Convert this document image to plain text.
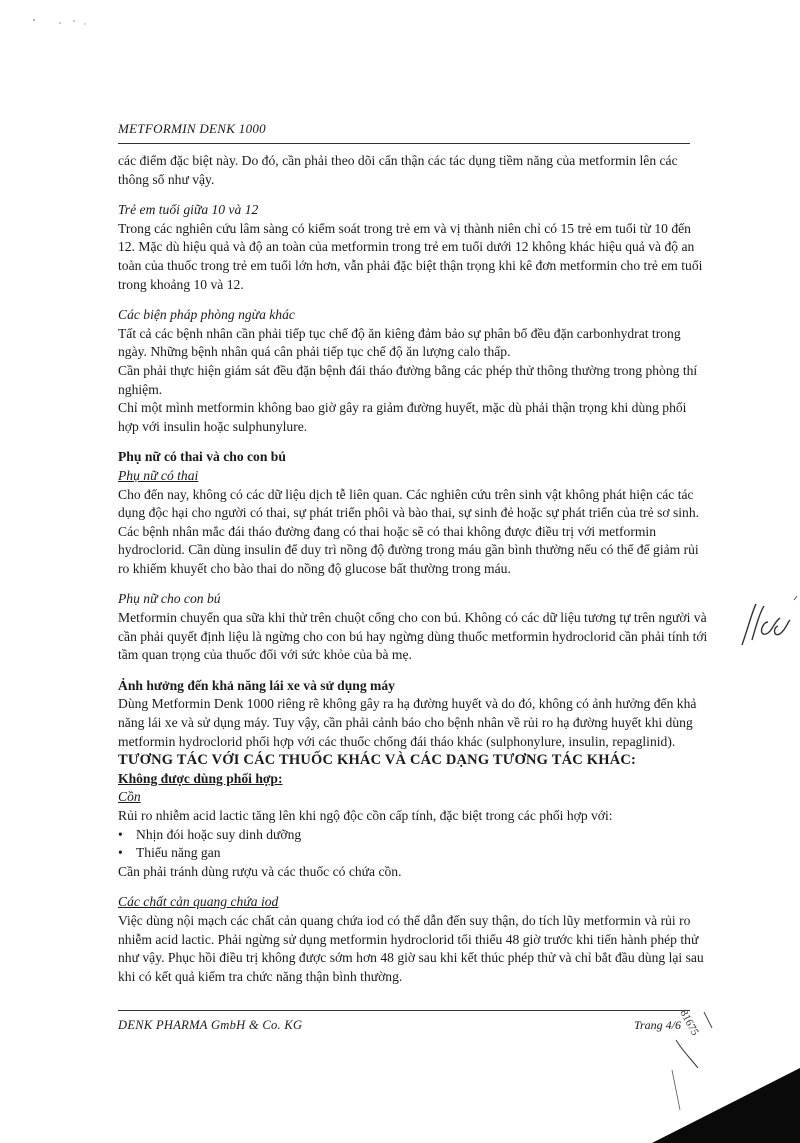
METFORMIN DENK 1000

các điểm đặc biệt này. Do đó, cần phải theo dõi cẩn thận các tác dụng tiềm năng của metformin lên các thông số như vậy.

Trẻ em tuổi giữa 10 và 12

Trong các nghiên cứu lâm sàng có kiểm soát trong trẻ em và vị thành niên chỉ có 15 trẻ em tuổi từ 10 đến 12. Mặc dù hiệu quả và độ an toàn của metformin trong trẻ em tuổi dưới 12 không khác hiệu quả và độ an toàn của thuốc trong trẻ em tuổi lớn hơn, vẫn phải đặc biệt thận trọng khi kê đơn metformin cho trẻ em tuổi trong khoảng 10 và 12.

Các biện pháp phòng ngừa khác

Tất cả các bệnh nhân cần phải tiếp tục chế độ ăn kiêng đảm bảo sự phân bố đều đặn carbonhydrat trong ngày. Những bệnh nhân quá cân phải tiếp tục chế độ ăn lượng calo thấp.

Cần phải thực hiện giám sát đều đặn bệnh đái tháo đường bằng các phép thử thông thường trong phòng thí nghiệm.

Chỉ một mình metformin không bao giờ gây ra giảm đường huyết, mặc dù phải thận trọng khi dùng phối hợp với insulin hoặc sulphunylure.

Phụ nữ có thai và cho con bú

Phụ nữ có thai

Cho đến nay, không có các dữ liệu dịch tễ liên quan. Các nghiên cứu trên sinh vật không phát hiện các tác dụng độc hại cho người có thai, sự phát triển phôi và bào thai, sự sinh đẻ hoặc sự phát triển của trẻ sơ sinh.

Các bệnh nhân mắc đái tháo đường đang có thai hoặc sẽ có thai không được điều trị với metformin hydroclorid. Cần dùng insulin để duy trì nồng độ đường trong máu gần bình thường nếu có thể để giảm rủi ro khiếm khuyết cho bào thai do nồng độ glucose bất thường trong máu.

Phụ nữ cho con bú

Metformin chuyển qua sữa khi thử trên chuột cống cho con bú. Không có các dữ liệu tương tự trên người và cần phải quyết định liệu là ngừng cho con bú hay ngừng dùng thuốc metformin hydroclorid cần phải tính tới tầm quan trọng của thuốc đối với sức khỏe của bà mẹ.

Ảnh hưởng đến khả năng lái xe và sử dụng máy

Dùng Metformin Denk 1000 riêng rẽ không gây ra hạ đường huyết và do đó, không có ảnh hưởng đến khả năng lái xe và sử dụng máy. Tuy vậy, cần phải cảnh báo cho bệnh nhân về rủi ro hạ đường huyết khi dùng metformin hydroclorid phối hợp với các thuốc chống đái tháo khác (sulphonylure, insulin, repaglinid).

TƯƠNG TÁC VỚI CÁC THUỐC KHÁC VÀ CÁC DẠNG TƯƠNG TÁC KHÁC:

Không được dùng phối hợp:

Cồn

Rủi ro nhiễm acid lactic tăng lên khi ngộ độc cồn cấp tính, đặc biệt trong các phối hợp với:

• Nhịn đói hoặc suy dinh dưỡng
• Thiểu năng gan

Cần phải tránh dùng rượu và các thuốc có chứa cồn.

Các chất cản quang chứa iod

Việc dùng nội mạch các chất cản quang chứa iod có thể dẫn đến suy thận, do tích lũy metformin và rủi ro nhiễm acid lactic. Phải ngừng sử dụng metformin hydroclorid tối thiểu 48 giờ trước khi tiến hành phép thử như vậy. Phục hồi điều trị không được sớm hơn 48 giờ sau khi kết thúc phép thử và chỉ bắt đầu dùng lại sau khi có kết quả kiểm tra chức năng thận bình thường.

DENK PHARMA GmbH & Co. KG	Trang 4/6
81675
